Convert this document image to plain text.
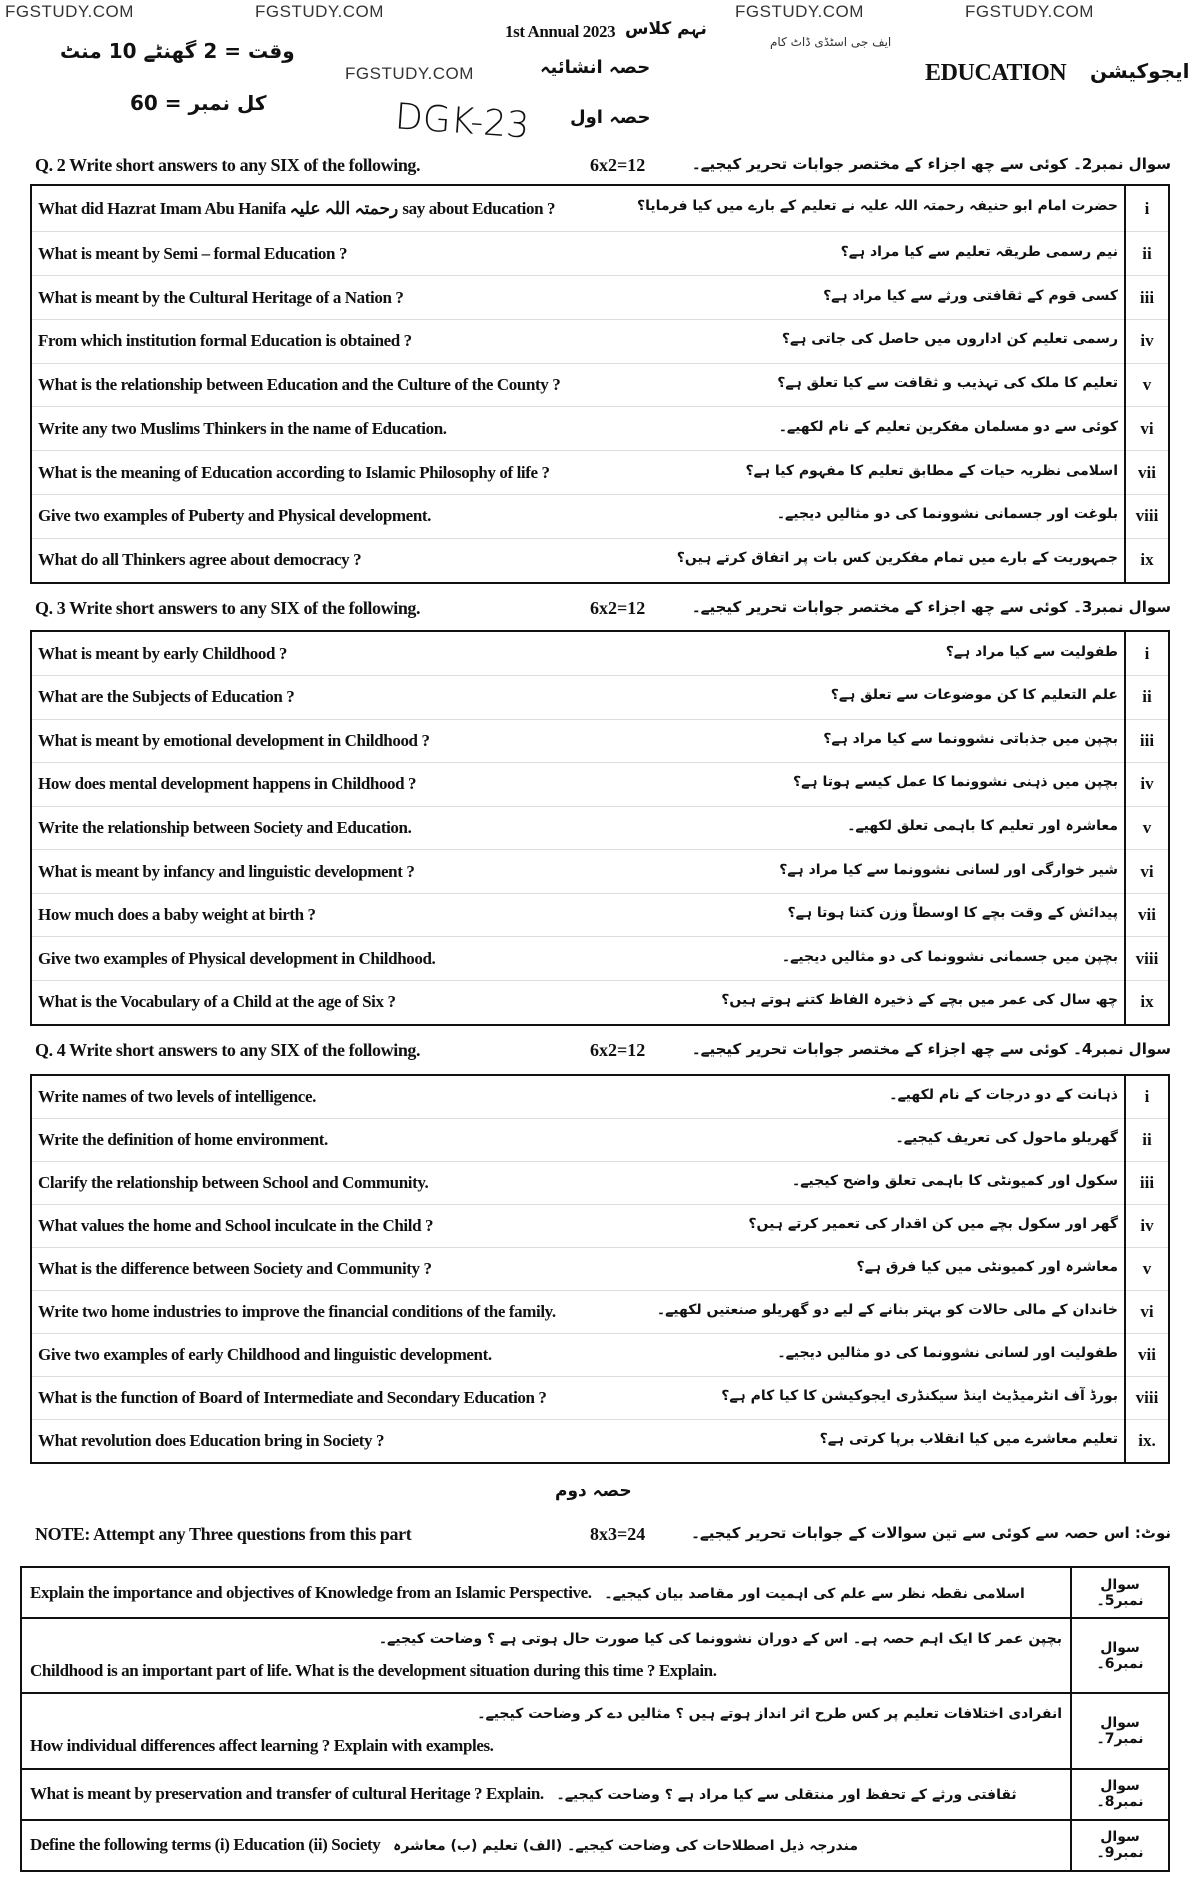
FGSTUDY.COM	FGSTUDY.COM	FGSTUDY.COM	FGSTUDY.COM
FGSTUDY.COM
ایف جی اسٹڈی ڈاٹ کام
1st Annual 2023 نہم کلاس
وقت = 2 گھنٹے 10 منٹ
حصہ انشائیہ	EDUCATION ایجوکیشن
کل نمبر = 60	DGK-23 حصہ اول
Q. 2 Write short answers to any SIX of the following.	6x2=12	سوال نمبر2۔ کوئی سے چھ اجزاء کے مختصر جوابات تحریر کیجیے۔
What did Hazrat Imam Abu Hanifa رحمتہ اللہ علیہ say about Education ? حضرت امام ابو حنیفہ رحمتہ اللہ علیہ نے تعلیم کے بارے میں کیا فرمایا؟	i
What is meant by Semi – formal Education ? نیم رسمی طریقہ تعلیم سے کیا مراد ہے؟	ii
What is meant by the Cultural Heritage of a Nation ? کسی قوم کے ثقافتی ورثے سے کیا مراد ہے؟	iii
From which institution formal Education is obtained ? رسمی تعلیم کن اداروں میں حاصل کی جاتی ہے؟	iv
What is the relationship between Education and the Culture of the County ? تعلیم کا ملک کی تہذیب و ثقافت سے کیا تعلق ہے؟	v
Write any two Muslims Thinkers in the name of Education. کوئی سے دو مسلمان مفکرین تعلیم کے نام لکھیے۔	vi
What is the meaning of Education according to Islamic Philosophy of life ? اسلامی نظریہ حیات کے مطابق تعلیم کا مفہوم کیا ہے؟	vii
Give two examples of Puberty and Physical development. بلوغت اور جسمانی نشوونما کی دو مثالیں دیجیے۔	viii
What do all Thinkers agree about democracy ? جمہوریت کے بارے میں تمام مفکرین کس بات پر اتفاق کرتے ہیں؟	ix
Q. 3 Write short answers to any SIX of the following.	6x2=12	سوال نمبر3۔ کوئی سے چھ اجزاء کے مختصر جوابات تحریر کیجیے۔
What is meant by early Childhood ? طفولیت سے کیا مراد ہے؟	i
What are the Subjects of Education ? علم التعلیم کا کن موضوعات سے تعلق ہے؟	ii
What is meant by emotional development in Childhood ? بچپن میں جذباتی نشوونما سے کیا مراد ہے؟	iii
How does mental development happens in Childhood ? بچپن میں ذہنی نشوونما کا عمل کیسے ہوتا ہے؟	iv
Write the relationship between Society and Education. معاشرہ اور تعلیم کا باہمی تعلق لکھیے۔	v
What is meant by infancy and linguistic development ? شیر خوارگی اور لسانی نشوونما سے کیا مراد ہے؟	vi
How much does a baby weight at birth ? پیدائش کے وقت بچے کا اوسطاً وزن کتنا ہوتا ہے؟	vii
Give two examples of Physical development in Childhood. بچپن میں جسمانی نشوونما کی دو مثالیں دیجیے۔	viii
What is the Vocabulary of a Child at the age of Six ? چھ سال کی عمر میں بچے کے ذخیرہ الفاظ کتنے ہوتے ہیں؟	ix
Q. 4 Write short answers to any SIX of the following.	6x2=12	سوال نمبر4۔ کوئی سے چھ اجزاء کے مختصر جوابات تحریر کیجیے۔
Write names of two levels of intelligence. ذہانت کے دو درجات کے نام لکھیے۔	i
Write the definition of home environment. گھریلو ماحول کی تعریف کیجیے۔	ii
Clarify the relationship between School and Community. سکول اور کمیونٹی کا باہمی تعلق واضح کیجیے۔	iii
What values the home and School inculcate in the Child ? گھر اور سکول بچے میں کن اقدار کی تعمیر کرتے ہیں؟	iv
What is the difference between Society and Community ? معاشرہ اور کمیونٹی میں کیا فرق ہے؟	v
Write two home industries to improve the financial conditions of the family. خاندان کے مالی حالات کو بہتر بنانے کے لیے دو گھریلو صنعتیں لکھیے۔	vi
Give two examples of early Childhood and linguistic development. طفولیت اور لسانی نشوونما کی دو مثالیں دیجیے۔	vii
What is the function of Board of Intermediate and Secondary Education ? بورڈ آف انٹرمیڈیٹ اینڈ سیکنڈری ایجوکیشن کا کیا کام ہے؟	viii
What revolution does Education bring in Society ? تعلیم معاشرے میں کیا انقلاب برپا کرتی ہے؟	ix.
حصہ دوم
NOTE: Attempt any Three questions from this part	8x3=24	نوٹ: اس حصہ سے کوئی سے تین سوالات کے جوابات تحریر کیجیے۔
Explain the importance and objectives of Knowledge from an Islamic Perspective. اسلامی نقطہ نظر سے علم کی اہمیت اور مقاصد بیان کیجیے۔	سوال نمبر5۔

بچپن عمر کا ایک اہم حصہ ہے۔ اس کے دوران نشوونما کی کیا صورت حال ہوتی ہے ؟ وضاحت کیجیے۔
Childhood is an important part of life. What is the development situation during this time ? Explain.	سوال نمبر6۔

انفرادی اختلافات تعلیم پر کس طرح اثر انداز ہوتے ہیں ؟ مثالیں دے کر وضاحت کیجیے۔
How individual differences affect learning ? Explain with examples.	سوال نمبر7۔
What is meant by preservation and transfer of cultural Heritage ? Explain. ثقافتی ورثے کے تحفظ اور منتقلی سے کیا مراد ہے ؟ وضاحت کیجیے۔	سوال نمبر8۔
Define the following terms (i) Education (ii) Society مندرجہ ذیل اصطلاحات کی وضاحت کیجیے۔ (الف) تعلیم (ب) معاشرہ	سوال نمبر9۔
